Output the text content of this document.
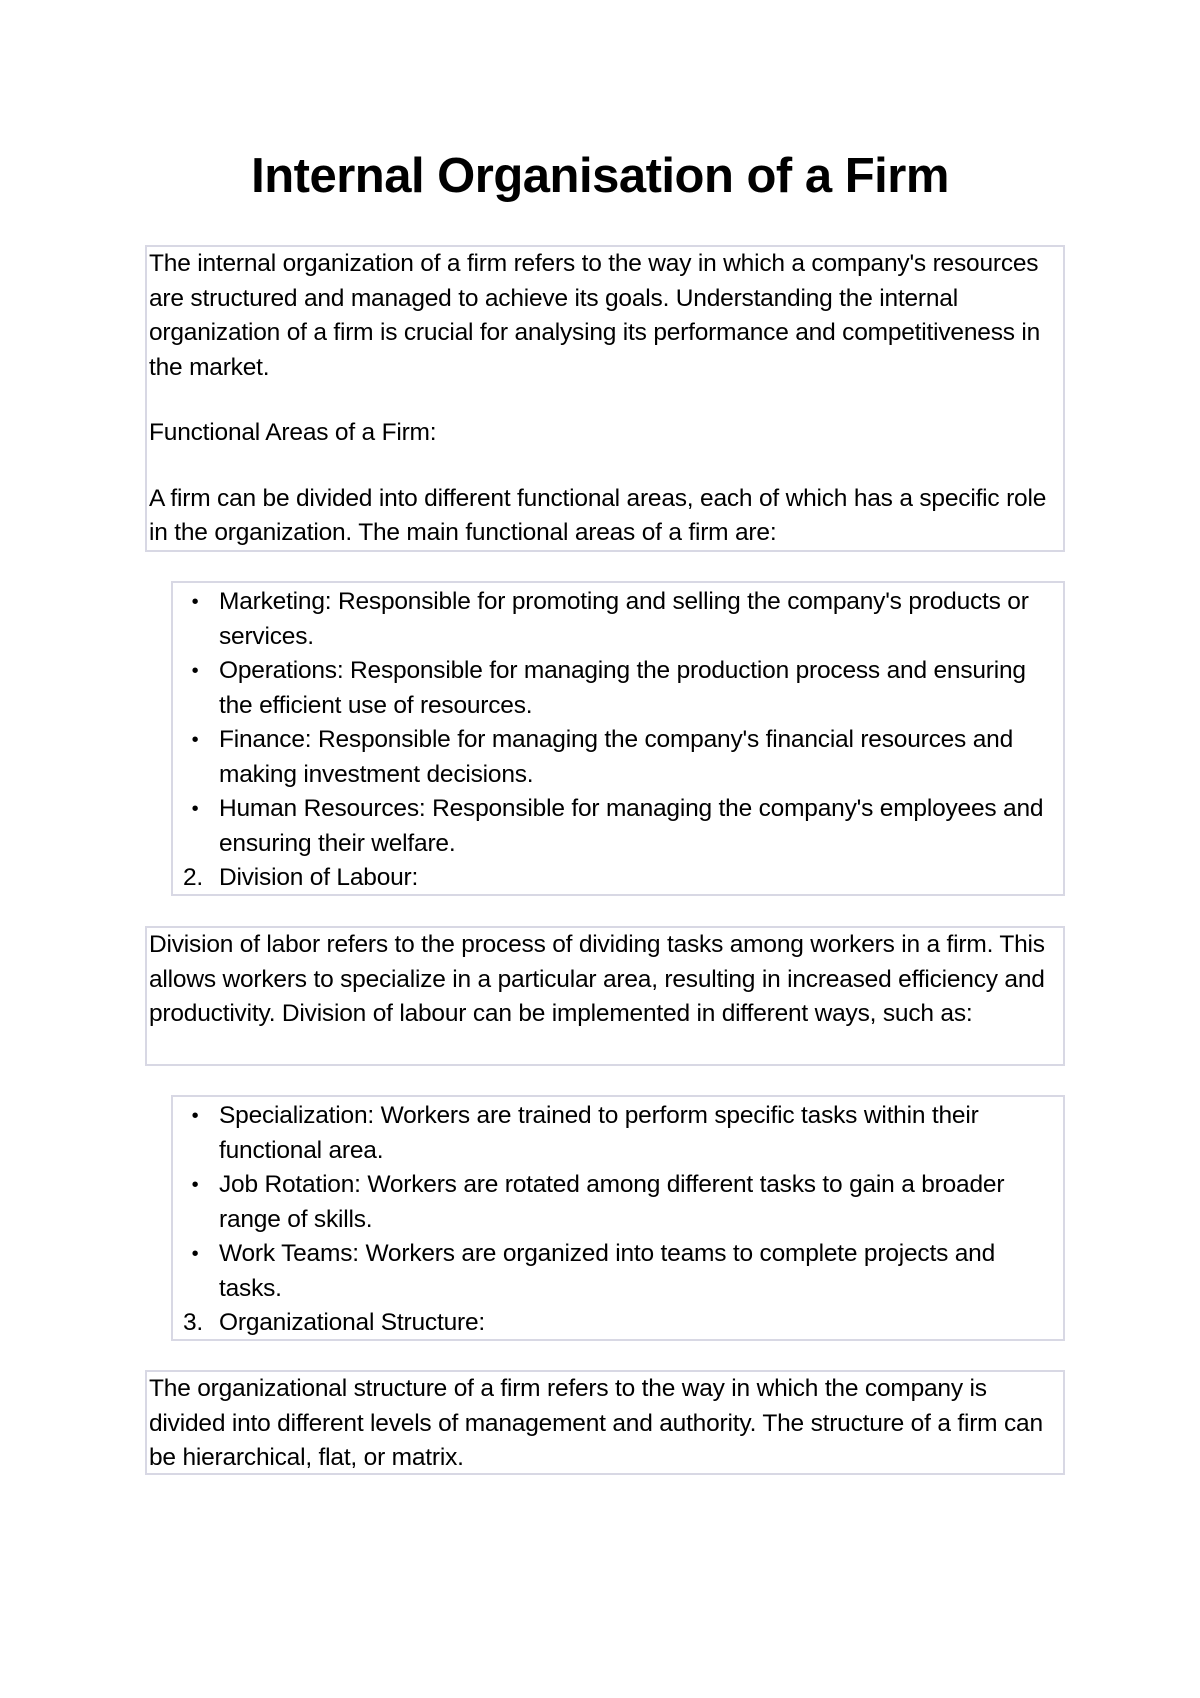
Internal Organisation of a Firm

The internal organization of a firm refers to the way in which a company's resources are structured and managed to achieve its goals. Understanding the internal organization of a firm is crucial for analysing its performance and competitiveness in the market.

Functional Areas of a Firm:

A firm can be divided into different functional areas, each of which has a specific role in the organization. The main functional areas of a firm are:

• Marketing: Responsible for promoting and selling the company's products or services.
• Operations: Responsible for managing the production process and ensuring the efficient use of resources.
• Finance: Responsible for managing the company's financial resources and making investment decisions.
• Human Resources: Responsible for managing the company's employees and ensuring their welfare.
2. Division of Labour:

Division of labor refers to the process of dividing tasks among workers in a firm. This allows workers to specialize in a particular area, resulting in increased efficiency and productivity. Division of labour can be implemented in different ways, such as:

• Specialization: Workers are trained to perform specific tasks within their functional area.
• Job Rotation: Workers are rotated among different tasks to gain a broader range of skills.
• Work Teams: Workers are organized into teams to complete projects and tasks.
3. Organizational Structure:

The organizational structure of a firm refers to the way in which the company is divided into different levels of management and authority. The structure of a firm can be hierarchical, flat, or matrix.
